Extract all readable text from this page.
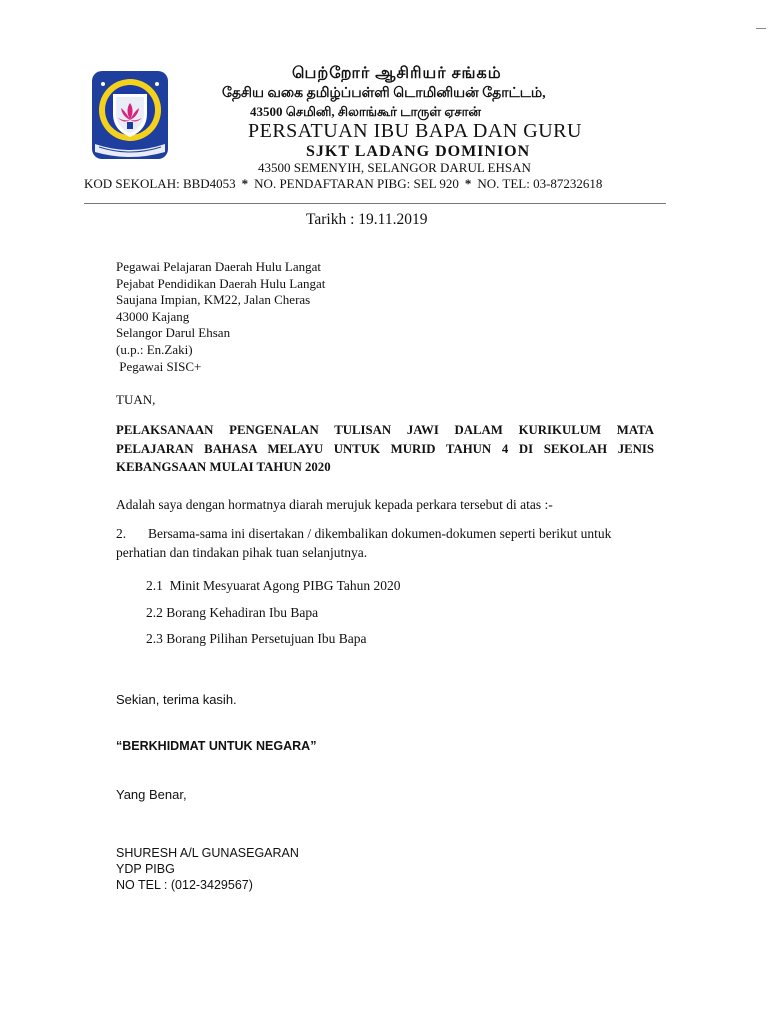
பெற்றோர் ஆசிரியர் சங்கம்
தேசிய வகை தமிழ்ப்பள்ளி டொமினியன் தோட்டம்,
43500 செமினி, சிலாங்கூர் டாருள் ஏசான்
PERSATUAN IBU BAPA DAN GURU
SJKT LADANG DOMINION
43500 SEMENYIH, SELANGOR DARUL EHSAN
KOD SEKOLAH: BBD4053 * NO. PENDAFTARAN PIBG: SEL 920 * NO. TEL: 03-87232618
Tarikh : 19.11.2019
Pegawai Pelajaran Daerah Hulu Langat
Pejabat Pendidikan Daerah Hulu Langat
Saujana Impian, KM22, Jalan Cheras
43000 Kajang
Selangor Darul Ehsan
(u.p.: En.Zaki)
Pegawai SISC+
TUAN,
PELAKSANAAN PENGENALAN TULISAN JAWI DALAM KURIKULUM MATA
PELAJARAN BAHASA MELAYU UNTUK MURID TAHUN 4 DI SEKOLAH JENIS
KEBANGSAAN MULAI TAHUN 2020
Adalah saya dengan hormatnya diarah merujuk kepada perkara tersebut di atas :-
2. Bersama-sama ini disertakan / dikembalikan dokumen-dokumen seperti berikut untuk perhatian dan tindakan pihak tuan selanjutnya.
2.1  Minit Mesyuarat Agong PIBG Tahun 2020
2.2 Borang Kehadiran Ibu Bapa
2.3 Borang Pilihan Persetujuan Ibu Bapa
Sekian, terima kasih.
“BERKHIDMAT UNTUK NEGARA”
Yang Benar,
SHURESH A/L GUNASEGARAN
YDP PIBG
NO TEL : (012-3429567)
